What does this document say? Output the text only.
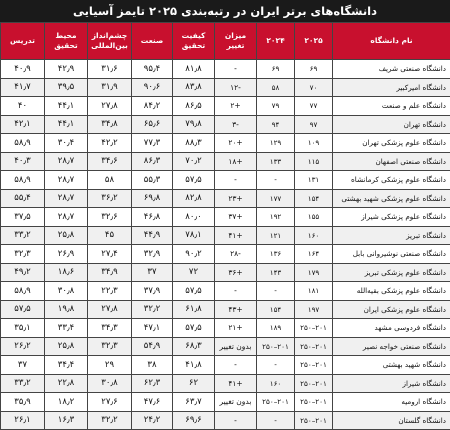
دانشگاه‌های برتر ایران در رتبه‌بندی ۲۰۲۵ تایمز آسیایی
نام دانشگاه	۲۰۲۵	۲۰۲۴	میزان تغییر	کیفیت تحقیق	صنعت	چشم‌انداز بین‌المللی	محیط تحقیق	تدریس
دانشگاه صنعتی شریف	۶۹	۶۹	-	۸۱٫۸	۹۵٫۴	۳۱٫۶	۴۲٫۹	۴۰٫۹
دانشگاه امیرکبیر	۷۰	۵۸	-۱۲	۸۳٫۸	۹۰٫۶	۳۱٫۹	۳۹٫۵	۴۱٫۷
دانشگاه علم و صنعت	۷۷	۷۹	+۲	۸۶٫۵	۸۴٫۲	۲۷٫۸	۴۴٫۱	۴۰
دانشگاه تهران	۹۷	۹۴	-۳	۷۹٫۸	۶۵٫۶	۳۴٫۸	۴۴٫۱	۴۲٫۱
دانشگاه علوم پزشکی تهران	۱۰۹	۱۲۹	+۲۰	۸۸٫۳	۷۷٫۳	۴۲٫۲	۳۰٫۴	۵۸٫۹
دانشگاه صنعتی اصفهان	۱۱۵	۱۳۳	+۱۸	۷۰٫۲	۸۶٫۳	۳۴٫۶	۲۸٫۷	۴۰٫۳
دانشگاه علوم پزشکی کرمانشاه	۱۳۱	-	-	۵۷٫۵	۵۵٫۳	۵۸	۲۸٫۷	۵۸٫۹
دانشگاه علوم پزشکی شهید بهشتی	۱۵۴	۱۷۷	+۲۳	۸۲٫۸	۶۹٫۸	۳۶٫۲	۲۸٫۷	۵۵٫۴
دانشگاه علوم پزشکی شیراز	۱۵۵	۱۹۲	+۳۷	۸۰٫۰	۴۶٫۸	۳۲٫۶	۲۸٫۷	۳۷٫۵
دانشگاه تبریز	۱۶۰	۱۲۱	+۴۱	۷۸٫۱	۴۴٫۹	۴۵	۲۵٫۸	۳۳٫۲
دانشگاه صنعتی نوشیروانی بابل	۱۶۴	۱۳۶	-۲۸	۹۰٫۲	۳۲٫۹	۲۷٫۴	۲۶٫۹	۳۲٫۳
دانشگاه علوم پزشکی تبریز	۱۷۹	۱۴۳	+۳۶	۷۲	۳۷	۳۴٫۹	۱۸٫۶	۴۹٫۲
دانشگاه علوم پزشکی بقیه‌الله	۱۸۱	-	-	۵۷٫۵	۳۷٫۹	۲۲٫۳	۳۰٫۸	۵۸٫۹
دانشگاه علوم پزشکی ایران	۱۹۷	۱۵۴	+۴۳	۶۱٫۸	۳۲٫۲	۲۷٫۸	۱۹٫۸	۵۷٫۵
دانشگاه فردوسی مشهد	۲۰۱–۲۵۰	۱۸۹	+۲۱	۵۷٫۵	۴۷٫۱	۳۴٫۳	۳۳٫۴	۳۵٫۱
دانشگاه صنعتی خواجه نصیر	۲۰۱–۲۵۰	۲۰۱–۲۵۰	بدون تغییر	۶۸٫۳	۵۴٫۹	۳۲٫۳	۲۵٫۸	۲۶٫۲
دانشگاه شهید بهشتی	۲۰۱–۲۵۰	-	-	۴۱٫۸	۳۸	۲۹	۳۴٫۴	۳۷
دانشگاه شیراز	۲۰۱–۲۵۰	۱۶۰	+۴۱	۶۲	۶۲٫۳	۳۰٫۸	۲۲٫۸	۳۳٫۲
دانشگاه ارومیه	۲۰۱–۲۵۰	۲۰۱–۲۵۰	بدون تغییر	۶۳٫۷	۴۷٫۶	۲۷٫۶	۱۸٫۲	۳۵٫۹
دانشگاه گلستان	۲۰۱–۲۵۰	-	-	۶۹٫۶	۲۴٫۲	۳۲٫۲	۱۶٫۳	۲۶٫۱
